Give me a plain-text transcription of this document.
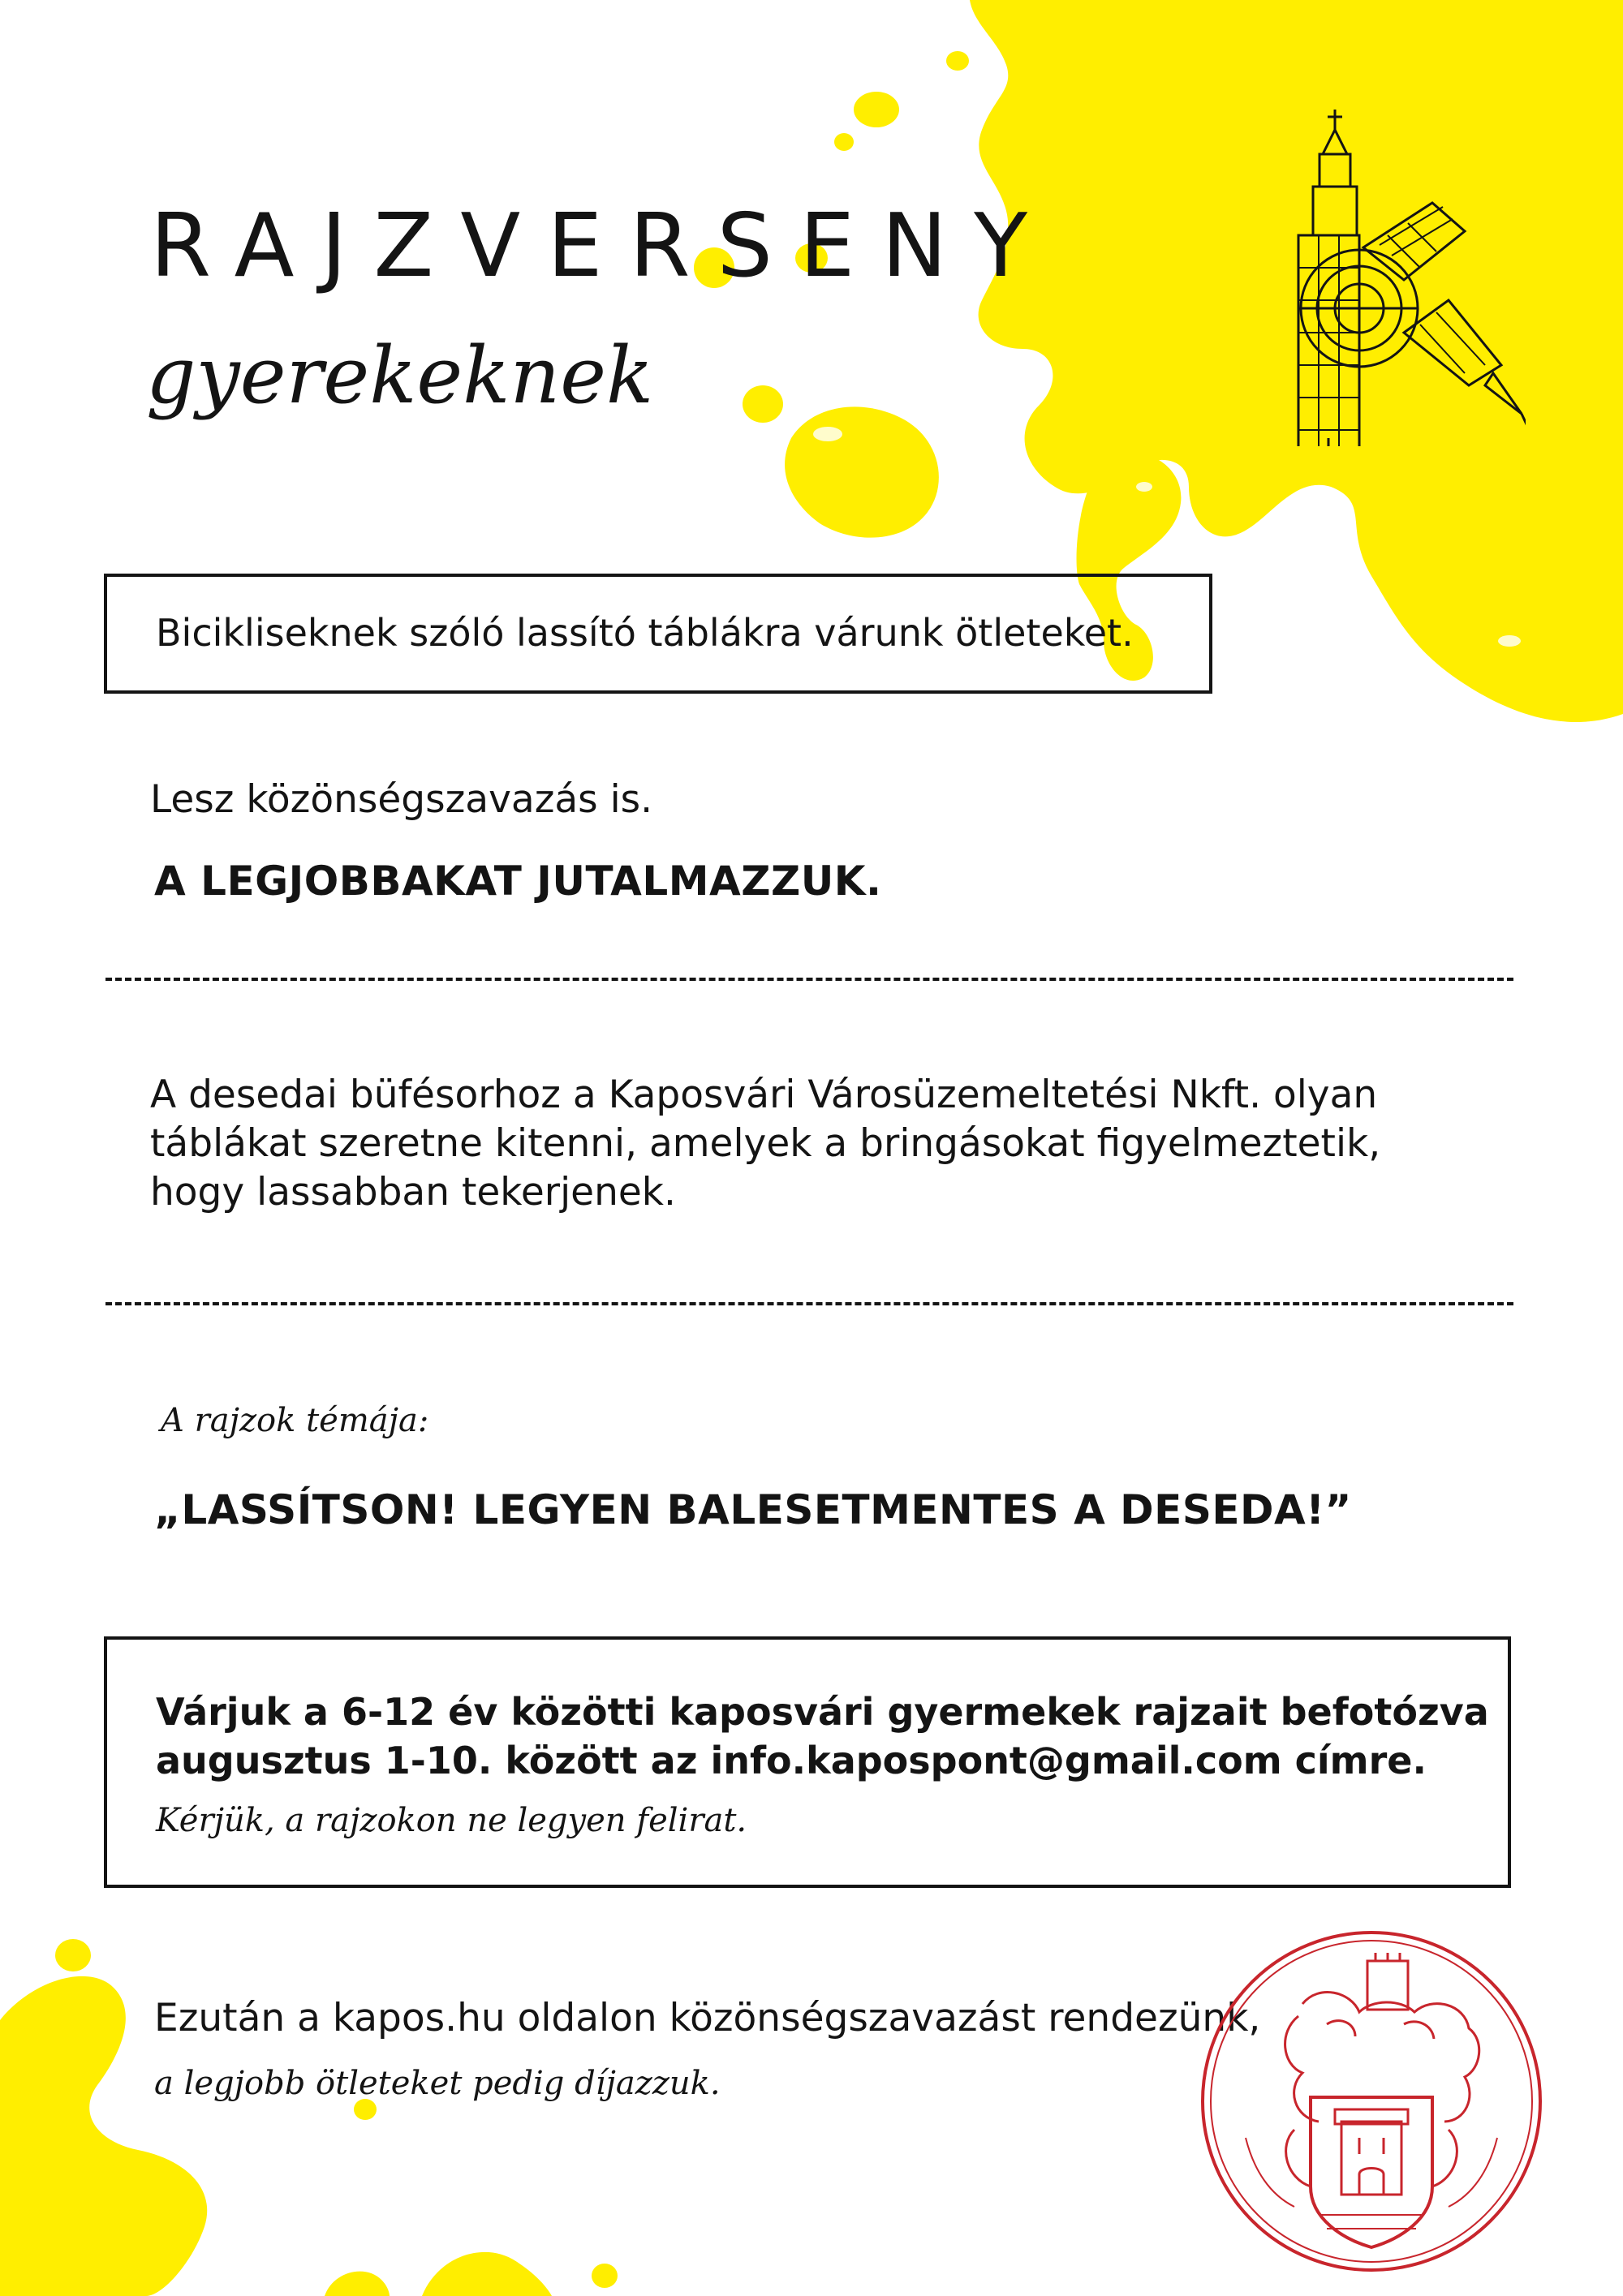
RAJZVERSENY
gyerekeknek
Bicikliseknek szóló lassító táblákra várunk ötleteket.
Lesz közönségszavazás is.
A LEGJOBBAKAT JUTALMAZZUK.
A desedai büfésorhoz a Kaposvári Városüzemeltetési Nkft. olyan
táblákat szeretne kitenni, amelyek a bringásokat figyelmeztetik,
hogy lassabban tekerjenek.
A rajzok témája:
„LASSÍTSON! LEGYEN BALESETMENTES A DESEDA!”
Várjuk a 6-12 év közötti kaposvári gyermekek rajzait befotózva
augusztus 1-10. között az info.kapospont@gmail.com címre.
Kérjük, a rajzokon ne legyen felirat.
Ezután a kapos.hu oldalon közönségszavazást rendezünk,
a legjobb ötleteket pedig díjazzuk.
